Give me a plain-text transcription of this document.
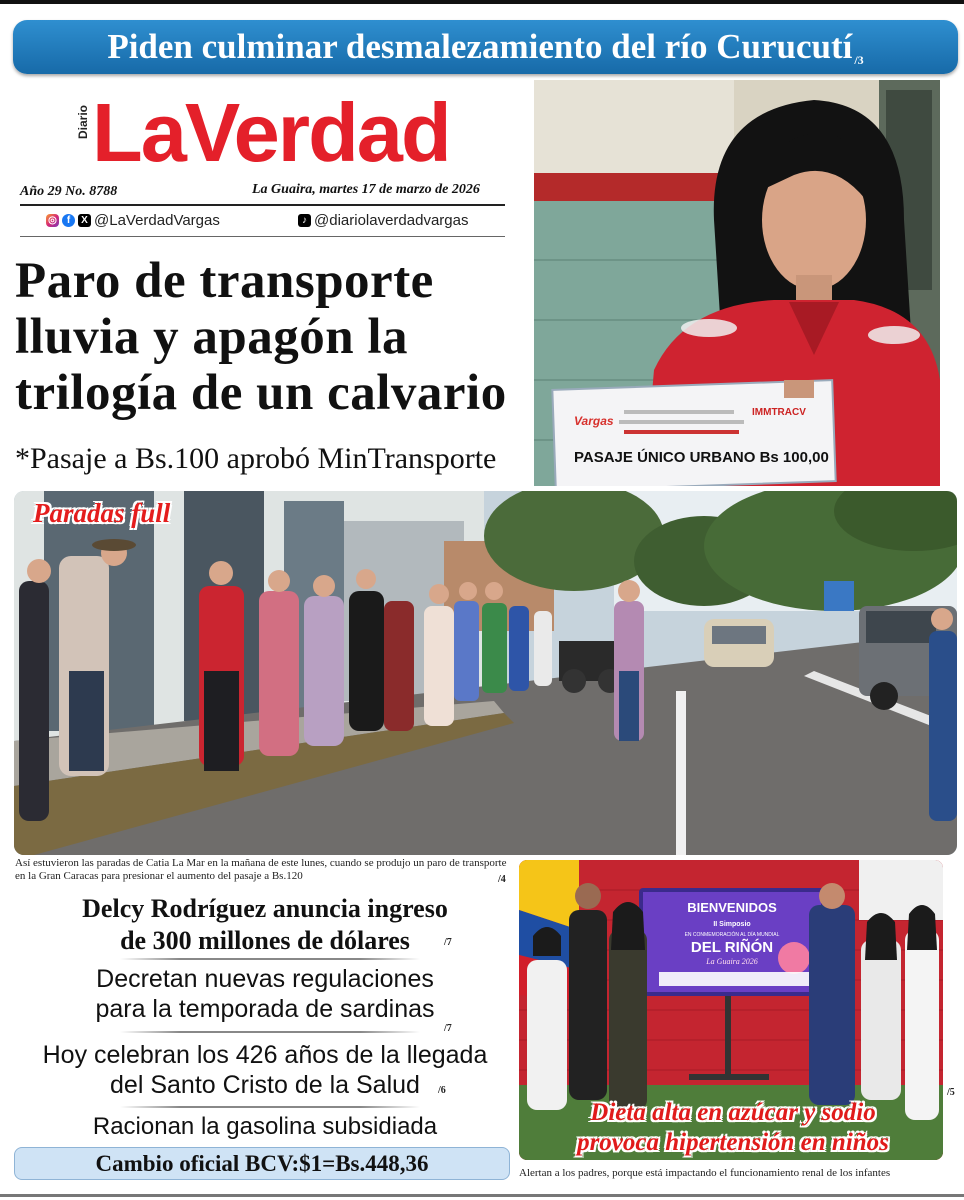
Piden culminar desmalezamiento del río Curucutí /3
Diario LaVerdad
Año 29 No. 8788	La Guaira, martes 17 de marzo de 2026
◎ f	X @LaVerdadVargas	♪ @diariolaverdadvargas
Paro de transporte
lluvia y apagón la
trilogía de un calvario
*Pasaje a Bs.100 aprobó MinTransporte
Vargas
IMMTRACV
PASAJE ÚNICO URBANO Bs 100,00
Paradas full
Así estuvieron las paradas de Catia La Mar en la mañana de este lunes, cuando se produjo un paro de transporte en la Gran Caracas para presionar el aumento del pasaje a Bs.120	/4
Delcy Rodríguez anuncia ingreso
de 300 millones de dólares	/7
Decretan nuevas regulaciones
para la temporada de sardinas
/7
Hoy celebran los 426 años de la llegada
del Santo Cristo de la Salud	/6
Racionan la gasolina subsidiada
Cambio oficial BCV:$1=Bs.448,36
BIENVENIDOS
II Simposio
EN CONMEMORACIÓN AL DÍA MUNDIAL
DEL RIÑÓN
La Guaira 2026
Dieta alta en azúcar y sodio
provoca hipertensión en niños
/5
Alertan a los padres, porque está impactando el funcionamiento renal de los infantes
